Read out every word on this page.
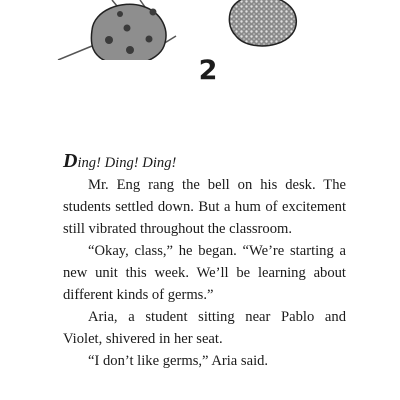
2

Ding! Ding! Ding!

Mr. Eng rang the bell on his desk. The students settled down. But a hum of excitement still vibrated throughout the classroom.

“Okay, class,” he began. “We’re starting a new unit this week. We’ll be learning about different kinds of germs.”

Aria, a student sitting near Pablo and Violet, shivered in her seat.

“I don’t like germs,” Aria said.
